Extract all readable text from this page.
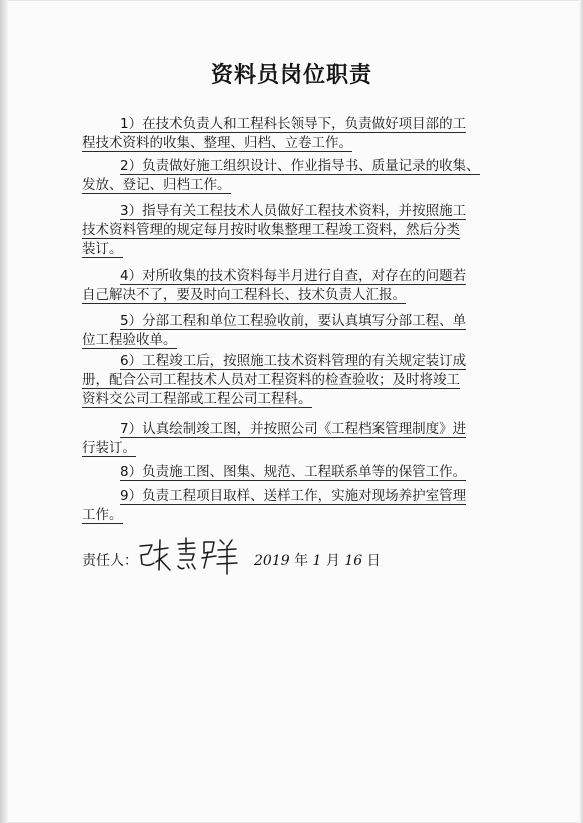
资料员岗位职责
1）在技术负责人和工程科长领导下，负责做好项目部的工
程技术资料的收集、整理、归档、立卷工作。
2）负责做好施工组织设计、作业指导书、质量记录的收集、
发放、登记、归档工作。
3）指导有关工程技术人员做好工程技术资料，并按照施工
技术资料管理的规定每月按时收集整理工程竣工资料，然后分类
装订。
4）对所收集的技术资料每半月进行自查，对存在的问题若
自己解决不了，要及时向工程科长、技术负责人汇报。
5）分部工程和单位工程验收前，要认真填写分部工程、单
位工程验收单。
6）工程竣工后，按照施工技术资料管理的有关规定装订成
册，配合公司工程技术人员对工程资料的检查验收；及时将竣工
资料交公司工程部或工程公司工程科。
7）认真绘制竣工图，并按照公司《工程档案管理制度》进
行装订。
8）负责施工图、图集、规范、工程联系单等的保管工作。
9）负责工程项目取样、送样工作，实施对现场养护室管理
工作。
责任人：	2019 年 1 月 16 日
